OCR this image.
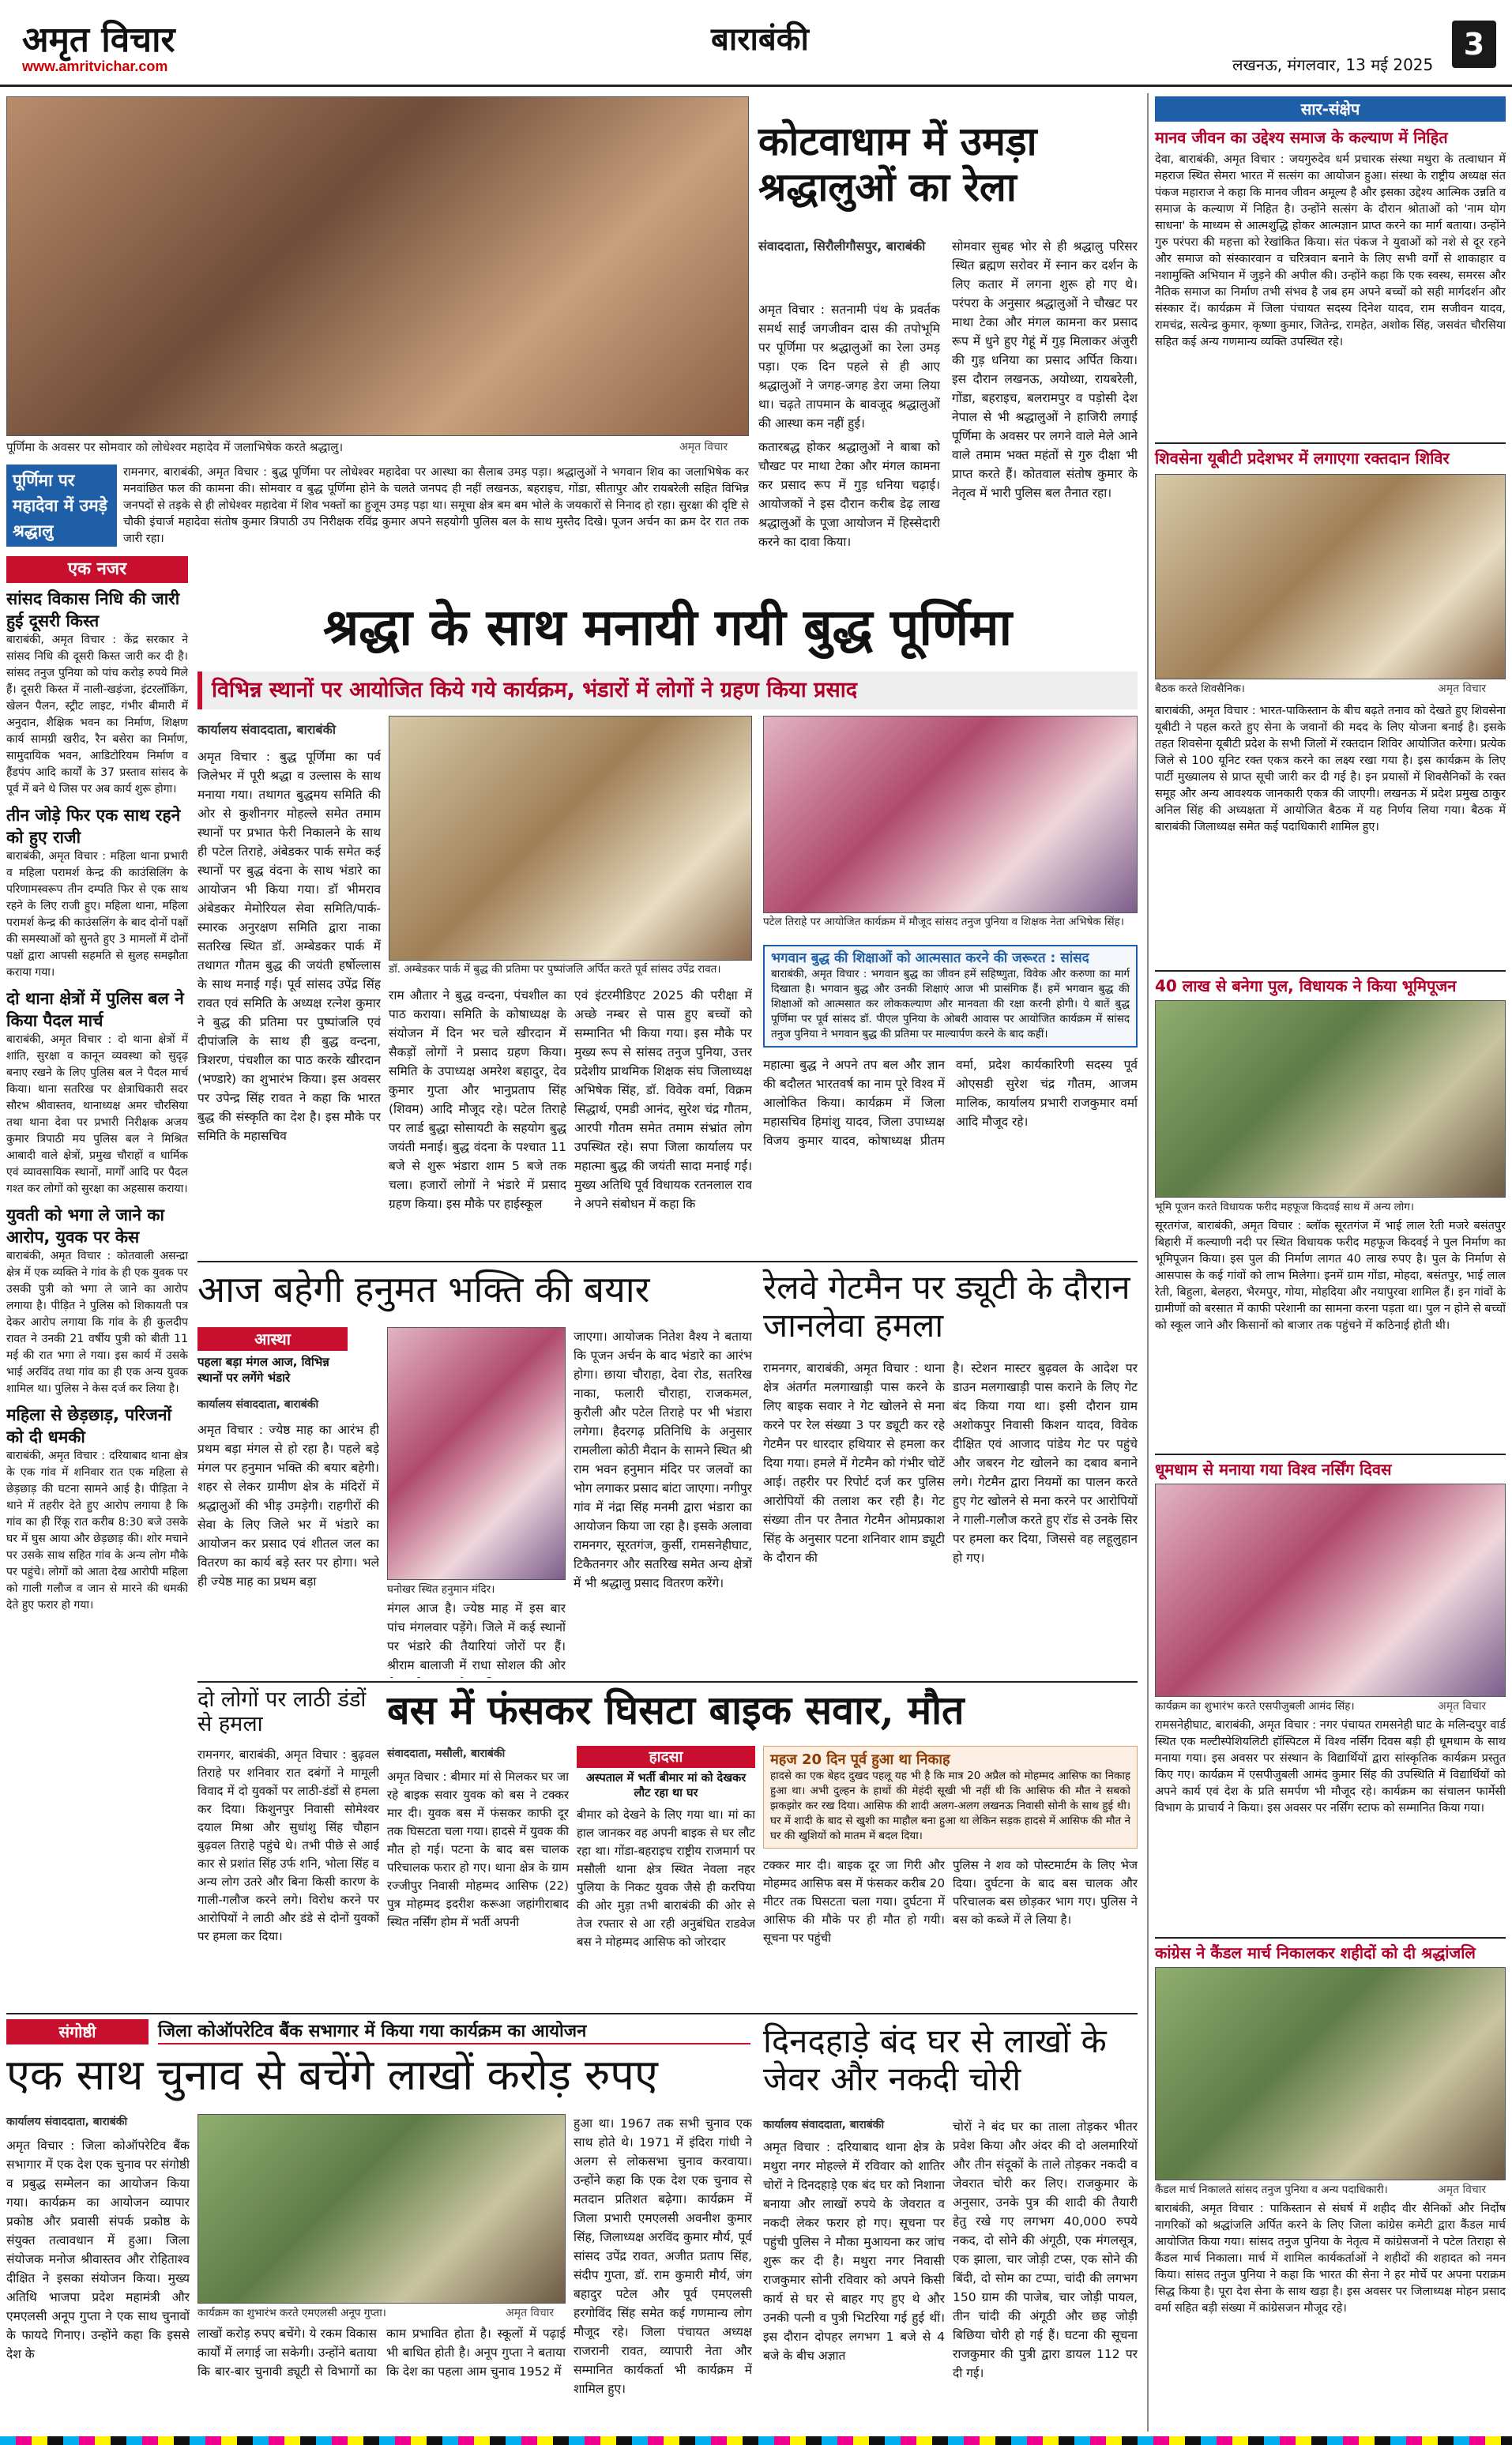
अमृत विचार
www.amritvichar.com
बाराबंकी
लखनऊ, मंगलवार, 13 मई 2025
3
पूर्णिमा के अवसर पर सोमवार को लोधेश्वर महादेव में जलाभिषेक करते श्रद्धालु।	अमृत विचार
पूर्णिमा पर महादेवा में उमड़े श्रद्धालु
रामनगर, बाराबंकी, अमृत विचार : बुद्ध पूर्णिमा पर लोधेश्वर महादेवा पर आस्था का सैलाब उमड़ पड़ा। श्रद्धालुओं ने भगवान शिव का जलाभिषेक कर मनवांछित फल की कामना की। सोमवार व बुद्ध पूर्णिमा होने के चलते जनपद ही नहीं लखनऊ, बहराइच, गोंडा, सीतापुर और रायबरेली सहित विभिन्न जनपदों से तड़के से ही लोधेश्वर महादेवा में शिव भक्तों का हुजूम उमड़ पड़ा था। समूचा क्षेत्र बम बम भोले के जयकारों से निनाद हो रहा। सुरक्षा की दृष्टि से चौकी इंचार्ज महादेवा संतोष कुमार त्रिपाठी उप निरीक्षक रविंद्र कुमार अपने सहयोगी पुलिस बल के साथ मुस्तैद दिखे। पूजन अर्चन का क्रम देर रात तक जारी रहा।
कोटवाधाम में उमड़ा श्रद्धालुओं का रेला
संवाददाता, सिरौलीगौसपुर, बाराबंकी

अमृत विचार : सतनामी पंथ के प्रवर्तक समर्थ साईं जगजीवन दास की तपोभूमि पर पूर्णिमा पर श्रद्धालुओं का रेला उमड़ पड़ा। एक दिन पहले से ही आए श्रद्धालुओं ने जगह-जगह डेरा जमा लिया था। चढ़ते तापमान के बावजूद श्रद्धालुओं की आस्था कम नहीं हुई।

कतारबद्ध होकर श्रद्धालुओं ने बाबा को चौखट पर माथा टेका और मंगल कामना कर प्रसाद रूप में गुड़ धनिया चढ़ाई। आयोजकों ने इस दौरान करीब डेढ़ लाख श्रद्धालुओं के पूजा आयोजन में हिस्सेदारी करने का दावा किया।

सोमवार सुबह भोर से ही श्रद्धालु परिसर स्थित ब्रह्मण सरोवर में स्नान कर दर्शन के लिए कतार में लगना शुरू हो गए थे। परंपरा के अनुसार श्रद्धालुओं ने चौखट पर माथा टेका और मंगल कामना कर प्रसाद रूप में धुने हुए गेहूं में गुड़ मिलाकर अंजुरी की गुड़ धनिया का प्रसाद अर्पित किया। इस दौरान लखनऊ, अयोध्या, रायबरेली, गोंडा, बहराइच, बलरामपुर व पड़ोसी देश नेपाल से भी श्रद्धालुओं ने हाजिरी लगाई पूर्णिमा के अवसर पर लगने वाले मेले आने वाले तमाम भक्त महंतों से गुरु दीक्षा भी प्राप्त करते हैं। कोतवाल संतोष कुमार के नेतृत्व में भारी पुलिस बल तैनात रहा।
एक नजर
सांसद विकास निधि की जारी हुई दूसरी किस्त
बाराबंकी, अमृत विचार : केंद्र सरकार ने सांसद निधि की दूसरी किस्त जारी कर दी है। सांसद तनुज पुनिया को पांच करोड़ रुपये मिले हैं। दूसरी किस्त में नाली-खड़ंजा, इंटरलॉकिंग, खेलन पैलन, स्ट्रीट लाइट, गंभीर बीमारी में अनुदान, शैक्षिक भवन का निर्माण, शिक्षण कार्य सामग्री खरीद, रैन बसेरा का निर्माण, सामुदायिक भवन, आडिटोरियम निर्माण व हैंडपंप आदि कार्यों के 37 प्रस्ताव सांसद के पूर्व में बने थे जिस पर अब कार्य शुरू होगा।
तीन जोड़े फिर एक साथ रहने को हुए राजी
बाराबंकी, अमृत विचार : महिला थाना प्रभारी व महिला परामर्श केन्द्र की काउंसिलिंग के परिणामस्वरूप तीन दम्पति फिर से एक साथ रहने के लिए राजी हुए। महिला थाना, महिला परामर्श केन्द्र की काउंसलिंग के बाद दोनों पक्षों की समस्याओं को सुनते हुए 3 मामलों में दोनों पक्षों द्वारा आपसी सहमति से सुलह समझौता कराया गया।
दो थाना क्षेत्रों में पुलिस बल ने किया पैदल मार्च
बाराबंकी, अमृत विचार : दो थाना क्षेत्रों में शांति, सुरक्षा व कानून व्यवस्था को सुदृढ़ बनाए रखने के लिए पुलिस बल ने पैदल मार्च किया। थाना सतरिख पर क्षेत्राधिकारी सदर सौरभ श्रीवास्तव, थानाध्यक्ष अमर चौरसिया तथा थाना देवा पर प्रभारी निरीक्षक अजय कुमार त्रिपाठी मय पुलिस बल ने मिश्रित आबादी वाले क्षेत्रों, प्रमुख चौराहों व धार्मिक एवं व्यावसायिक स्थानों, मार्गों आदि पर पैदल गश्त कर लोगों को सुरक्षा का अहसास कराया।
युवती को भगा ले जाने का आरोप, युवक पर केस
बाराबंकी, अमृत विचार : कोतवाली असन्द्रा क्षेत्र में एक व्यक्ति ने गांव के ही एक युवक पर उसकी पुत्री को भगा ले जाने का आरोप लगाया है। पीड़ित ने पुलिस को शिकायती पत्र देकर आरोप लगाया कि गांव के ही कुलदीप रावत ने उनकी 21 वर्षीय पुत्री को बीती 11 मई की रात भगा ले गया। इस कार्य में उसके भाई अरविंद तथा गांव का ही एक अन्य युवक शामिल था। पुलिस ने केस दर्ज कर लिया है।
महिला से छेड़छाड़, परिजनों को दी धमकी
बाराबंकी, अमृत विचार : दरियाबाद थाना क्षेत्र के एक गांव में शनिवार रात एक महिला से छेड़छाड़ की घटना सामने आई है। पीड़िता ने थाने में तहरीर देते हुए आरोप लगाया है कि गांव का ही रिंकू रात करीब 8:30 बजे उसके घर में घुस आया और छेड़छाड़ की। शोर मचाने पर उसके साथ सहित गांव के अन्य लोग मौके पर पहुंचे। लोगों को आता देख आरोपी महिला को गाली गलौज व जान से मारने की धमकी देते हुए फरार हो गया।
श्रद्धा के साथ मनायी गयी बुद्ध पूर्णिमा
विभिन्न स्थानों पर आयोजित किये गये कार्यक्रम, भंडारों में लोगों ने ग्रहण किया प्रसाद
कार्यालय संवाददाता, बाराबंकी
अमृत विचार : बुद्ध पूर्णिमा का पर्व जिलेभर में पूरी श्रद्धा व उल्लास के साथ मनाया गया। तथागत बुद्धमय समिति की ओर से कुशीनगर मोहल्ले समेत तमाम स्थानों पर प्रभात फेरी निकालने के साथ ही पटेल तिराहे, अंबेडकर पार्क समेत कई स्थानों पर बुद्ध वंदना के साथ भंडारे का आयोजन भी किया गया। डॉ भीमराव अंबेडकर मेमोरियल सेवा समिति/पार्क-स्मारक अनुरक्षण समिति द्वारा नाका सतरिख स्थित डॉ. अम्बेडकर पार्क में तथागत गौतम बुद्ध की जयंती हर्षोल्लास के साथ मनाई गई। पूर्व सांसद उपेंद्र सिंह रावत एवं समिति के अध्यक्ष रत्नेश कुमार ने बुद्ध की प्रतिमा पर पुष्पांजलि एवं दीपांजलि के साथ ही बुद्ध वन्दना, त्रिशरण, पंचशील का पाठ करके खीरदान (भण्डारे) का शुभारंभ किया। इस अवसर पर उपेन्द्र सिंह रावत ने कहा कि भारत बुद्ध की संस्कृति का देश है। इस मौके पर समिति के महासचिव
डॉ. अम्बेडकर पार्क में बुद्ध की प्रतिमा पर पुष्पांजलि अर्पित करते पूर्व सांसद उपेंद्र रावत।
पटेल तिराहे पर आयोजित कार्यक्रम में मौजूद सांसद तनुज पुनिया व शिक्षक नेता अभिषेक सिंह।
राम औतार ने बुद्ध वन्दना, पंचशील का पाठ कराया। समिति के कोषाध्यक्ष के संयोजन में दिन भर चले खीरदान में सैकड़ों लोगों ने प्रसाद ग्रहण किया। समिति के उपाध्यक्ष अमरेश बहादुर, देव कुमार गुप्ता और भानुप्रताप सिंह (शिवम) आदि मौजूद रहे। पटेल तिराहे पर लार्ड बुद्धा सोसायटी के सहयोग बुद्ध जयंती मनाई। बुद्ध वंदना के पश्चात 11 बजे से शुरू भंडारा शाम 5 बजे तक चला। हजारों लोगों ने भंडारे में प्रसाद ग्रहण किया। इस मौके पर हाईस्कूल
एवं इंटरमीडिएट 2025 की परीक्षा में अच्छे नम्बर से पास हुए बच्चों को सम्मानित भी किया गया। इस मौके पर मुख्य रूप से सांसद तनुज पुनिया, उत्तर प्रदेशीय प्राथमिक शिक्षक संघ जिलाध्यक्ष अभिषेक सिंह, डॉ. विवेक वर्मा, विक्रम सिद्धार्थ, एमडी आनंद, सुरेश चंद्र गौतम, आरपी गौतम समेत तमाम संभ्रांत लोग उपस्थित रहे। सपा जिला कार्यालय पर महात्मा बुद्ध की जयंती सादा मनाई गई। मुख्य अतिथि पूर्व विधायक रतनलाल राव ने अपने संबोधन में कहा कि
भगवान बुद्ध की शिक्षाओं को आत्मसात करने की जरूरत : सांसद
बाराबंकी, अमृत विचार : भगवान बुद्ध का जीवन हमें सहिष्णुता, विवेक और करुणा का मार्ग दिखाता है। भगवान बुद्ध और उनकी शिक्षाएं आज भी प्रासंगिक हैं। हमें भगवान बुद्ध की शिक्षाओं को आत्मसात कर लोककल्याण और मानवता की रक्षा करनी होगी। ये बातें बुद्ध पूर्णिमा पर पूर्व सांसद डॉ. पीएल पुनिया के ओबरी आवास पर आयोजित कार्यक्रम में सांसद तनुज पुनिया ने भगवान बुद्ध की प्रतिमा पर माल्यार्पण करने के बाद कहीं।
महात्मा बुद्ध ने अपने तप बल और ज्ञान की बदौलत भारतवर्ष का नाम पूरे विश्व में आलोकित किया। कार्यक्रम में जिला महासचिव हिमांशु यादव, जिला उपाध्यक्ष विजय कुमार यादव, कोषाध्यक्ष प्रीतम वर्मा, प्रदेश कार्यकारिणी सदस्य पूर्व ओएसडी सुरेश चंद्र गौतम, आजम मालिक, कार्यालय प्रभारी राजकुमार वर्मा आदि मौजूद रहे।
आज बहेगी हनुमत भक्ति की बयार
आस्था
पहला बड़ा मंगल आज, विभिन्न स्थानों पर लगेंगे भंडारे
कार्यालय संवाददाता, बाराबंकी
अमृत विचार : ज्येष्ठ माह का आरंभ ही प्रथम बड़ा मंगल से हो रहा है। पहले बड़े मंगल पर हनुमान भक्ति की बयार बहेगी। शहर से लेकर ग्रामीण क्षेत्र के मंदिरों में श्रद्धालुओं की भीड़ उमड़ेगी। राहगीरों की सेवा के लिए जिले भर में भंडारे का आयोजन कर प्रसाद एवं शीतल जल का वितरण का कार्य बड़े स्तर पर होगा। भले ही ज्येष्ठ माह का प्रथम बड़ा
घनोखर स्थित हनुमान मंदिर।
मंगल आज है। ज्येष्ठ माह में इस बार पांच मंगलवार पड़ेंगे। जिले में कई स्थानों पर भंडारे की तैयारियां जोरों पर हैं। श्रीराम बालाजी में राधा सोशल की ओर
जाएगा। आयोजक नितेश वैश्य ने बताया कि पूजन अर्चन के बाद भंडारे का आरंभ होगा। छाया चौराहा, देवा रोड, सतरिख नाका, फलारी चौराहा, राजकमल, कुरौली और पटेल तिराहे पर भी भंडारा लगेगा। हैदरगढ़ प्रतिनिधि के अनुसार रामलीला कोठी मैदान के सामने स्थित श्री राम भवन हनुमान मंदिर पर जलवों का भोग लगाकर प्रसाद बांटा जाएगा। नगीपुर गांव में नंद्रा सिंह मनमी द्वारा भंडारा का आयोजन किया जा रहा है। इसके अलावा रामनगर, सूरतगंज, कुर्सी, रामसनेहीघाट, टिकैतनगर और सतरिख समेत अन्य क्षेत्रों में भी श्रद्धालु प्रसाद वितरण करेंगे।
रेलवे गेटमैन पर ड्यूटी के दौरान जानलेवा हमला
रामनगर, बाराबंकी, अमृत विचार : थाना क्षेत्र अंतर्गत मलगाखाड़ी पास करने के लिए बाइक सवार ने गेट खोलने से मना करने पर रेल संख्या 3 पर ड्यूटी कर रहे गेटमैन पर धारदार हथियार से हमला कर दिया गया। हमले में गेटमैन को गंभीर चोटें आई। तहरीर पर रिपोर्ट दर्ज कर पुलिस आरोपियों की तलाश कर रही है। गेट संख्या तीन पर तैनात गेटमैन ओमप्रकाश सिंह के अनुसार पटना शनिवार शाम ड्यूटी के दौरान की
है। स्टेशन मास्टर बुढ़वल के आदेश पर डाउन मलगाखाड़ी पास कराने के लिए गेट बंद किया गया था। इसी दौरान ग्राम अशोकपुर निवासी किशन यादव, विवेक दीक्षित एवं आजाद पांडेय गेट पर पहुंचे और जबरन गेट खोलने का दबाव बनाने लगे। गेटमैन द्वारा नियमों का पालन करते हुए गेट खोलने से मना करने पर आरोपियों ने गाली-गलौज करते हुए रॉड से उनके सिर पर हमला कर दिया, जिससे वह लहूलुहान हो गए।
दो लोगों पर लाठी डंडों से हमला
रामनगर, बाराबंकी, अमृत विचार : बुढ़वल तिराहे पर शनिवार रात दबंगों ने मामूली विवाद में दो युवकों पर लाठी-डंडों से हमला कर दिया। किशुनपुर निवासी सोमेश्वर दयाल मिश्रा और सुधांशु सिंह चौहान बुढ़वल तिराहे पहुंचे थे। तभी पीछे से आई कार से प्रशांत सिंह उर्फ शनि, भोला सिंह व अन्य लोग उतरे और बिना किसी कारण के गाली-गलौज करने लगे। विरोध करने पर आरोपियों ने लाठी और डंडे से दोनों युवकों पर हमला कर दिया।
बस में फंसकर घिसटा बाइक सवार, मौत
संवाददाता, मसौली, बाराबंकी
अमृत विचार : बीमार मां से मिलकर घर जा रहे बाइक सवार युवक को बस ने टक्कर मार दी। युवक बस में फंसकर काफी दूर तक घिसटता चला गया। हादसे में युवक की मौत हो गई। पटना के बाद बस चालक परिचालक फरार हो गए। थाना क्षेत्र के ग्राम रज्जीपुर निवासी मोहम्मद आसिफ (22) पुत्र मोहम्मद इदरीश करूआ जहांगीराबाद स्थित नर्सिंग होम में भर्ती अपनी
हादसा
अस्पताल में भर्ती बीमार मां को देखकर लौट रहा था घर
बीमार को देखने के लिए गया था। मां का हाल जानकर वह अपनी बाइक से घर लौट रहा था। गोंडा-बहराइच राष्ट्रीय राजमार्ग पर मसौली थाना क्षेत्र स्थित नेवला नहर पुलिया के निकट युवक जैसे ही करपिया की ओर मुड़ा तभी बाराबंकी की ओर से तेज रफ्तार से आ रही अनुबंधित राडवेज बस ने मोहम्मद आसिफ को जोरदार
महज 20 दिन पूर्व हुआ था निकाह
हादसे का एक बेहद दुखद पहलू यह भी है कि मात्र 20 अप्रैल को मोहम्मद आसिफ का निकाह हुआ था। अभी दुल्हन के हाथों की मेहंदी सूखी भी नहीं थी कि आसिफ की मौत ने सबको झकझोर कर रख दिया। आसिफ की शादी अलग-अलग लखनऊ निवासी सोनी के साथ हुई थी। घर में शादी के बाद से खुशी का माहौल बना हुआ था लेकिन सड़क हादसे में आसिफ की मौत ने घर की खुशियों को मातम में बदल दिया।
टक्कर मार दी। बाइक दूर जा गिरी और मोहम्मद आसिफ बस में फंसकर करीब 20 मीटर तक घिसटता चला गया। दुर्घटना में आसिफ की मौके पर ही मौत हो गयी। सूचना पर पहुंची
पुलिस ने शव को पोस्टमार्टम के लिए भेज दिया। दुर्घटना के बाद बस चालक और परिचालक बस छोड़कर भाग गए। पुलिस ने बस को कब्जे में ले लिया है।
संगोष्ठी	जिला कोऑपरेटिव बैंक सभागार में किया गया कार्यक्रम का आयोजन
एक साथ चुनाव से बचेंगे लाखों करोड़ रुपए
कार्यालय संवाददाता, बाराबंकी
अमृत विचार : जिला कोऑपरेटिव बैंक सभागार में एक देश एक चुनाव पर संगोष्ठी व प्रबुद्ध सम्मेलन का आयोजन किया गया। कार्यक्रम का आयोजन व्यापार प्रकोष्ठ और प्रवासी संपर्क प्रकोष्ठ के संयुक्त तत्वावधान में हुआ। जिला संयोजक मनोज श्रीवास्तव और रोहिताश्व दीक्षित ने इसका संयोजन किया। मुख्य अतिथि भाजपा प्रदेश महामंत्री और एमएलसी अनूप गुप्ता ने एक साथ चुनावों के फायदे गिनाए। उन्होंने कहा कि इससे देश के
कार्यक्रम का शुभारंभ करते एमएलसी अनूप गुप्ता।	अमृत विचार
लाखों करोड़ रुपए बचेंगे। ये रकम विकास कार्यों में लगाई जा सकेगी। उन्होंने बताया कि बार-बार चुनावी ड्यूटी से विभागों का काम प्रभावित होता है। स्कूलों में पढ़ाई भी बाधित होती है। अनूप गुप्ता ने बताया कि देश का पहला आम चुनाव 1952 में
हुआ था। 1967 तक सभी चुनाव एक साथ होते थे। 1971 में इंदिरा गांधी ने अलग से लोकसभा चुनाव करवाया। उन्होंने कहा कि एक देश एक चुनाव से मतदान प्रतिशत बढ़ेगा। कार्यक्रम में जिला प्रभारी एमएलसी अवनीश कुमार सिंह, जिलाध्यक्ष अरविंद कुमार मौर्य, पूर्व सांसद उपेंद्र रावत, अजीत प्रताप सिंह, संदीप गुप्ता, डॉ. राम कुमारी मौर्य, जंग बहादुर पटेल और पूर्व एमएलसी हरगोविंद सिंह समेत कई गणमान्य लोग मौजूद रहे। जिला पंचायत अध्यक्ष राजरानी रावत, व्यापारी नेता और सम्मानित कार्यकर्ता भी कार्यक्रम में शामिल हुए।
दिनदहाड़े बंद घर से लाखों के जेवर और नकदी चोरी
कार्यालय संवाददाता, बाराबंकी
अमृत विचार : दरियाबाद थाना क्षेत्र के मथुरा नगर मोहल्ले में रविवार को शातिर चोरों ने दिनदहाड़े एक बंद घर को निशाना बनाया और लाखों रुपये के जेवरात व नकदी लेकर फरार हो गए। सूचना पर पहुंची पुलिस ने मौका मुआयना कर जांच शुरू कर दी है। मथुरा नगर निवासी राजकुमार सोनी रविवार को अपने किसी कार्य से घर से बाहर गए हुए थे और उनकी पत्नी व पुत्री भिटरिया गई हुई थीं। इस दौरान दोपहर लगभग 1 बजे से 4 बजे के बीच अज्ञात
चोरों ने बंद घर का ताला तोड़कर भीतर प्रवेश किया और अंदर की दो अलमारियों और तीन संदूकों के ताले तोड़कर नकदी व जेवरात चोरी कर लिए। राजकुमार के अनुसार, उनके पुत्र की शादी की तैयारी हेतु रखे गए लगभग 40,000 रुपये नकद, दो सोने की अंगूठी, एक मंगलसूत्र, एक झाला, चार जोड़ी टप्स, एक सोने की बिंदी, दो सोम का टप्पा, चांदी की लगभग 150 ग्राम की पाजेब, चार जोड़ी पायल, तीन चांदी की अंगूठी और छह जोड़ी बिछिया चोरी हो गई हैं। घटना की सूचना राजकुमार की पुत्री द्वारा डायल 112 पर दी गई।
सार-संक्षेप
मानव जीवन का उद्देश्य समाज के कल्याण में निहित
देवा, बाराबंकी, अमृत विचार : जयगुरुदेव धर्म प्रचारक संस्था मथुरा के तत्वाधान में महराज स्थित सेमरा भारत में सत्संग का आयोजन हुआ। संस्था के राष्ट्रीय अध्यक्ष संत पंकज महाराज ने कहा कि मानव जीवन अमूल्य है और इसका उद्देश्य आत्मिक उन्नति व समाज के कल्याण में निहित है। उन्होंने सत्संग के दौरान श्रोताओं को 'नाम योग साधना' के माध्यम से आत्मशुद्धि होकर आत्मज्ञान प्राप्त करने का मार्ग बताया। उन्होंने गुरु परंपरा की महत्ता को रेखांकित किया। संत पंकज ने युवाओं को नशे से दूर रहने और समाज को संस्कारवान व चरित्रवान बनाने के लिए सभी वर्गों से शाकाहार व नशामुक्ति अभियान में जुड़ने की अपील की। उन्होंने कहा कि एक स्वस्थ, समरस और नैतिक समाज का निर्माण तभी संभव है जब हम अपने बच्चों को सही मार्गदर्शन और संस्कार दें। कार्यक्रम में जिला पंचायत सदस्य दिनेश यादव, राम सजीवन यादव, रामचंद्र, सत्येन्द्र कुमार, कृष्णा कुमार, जितेन्द्र, रामहेत, अशोक सिंह, जसवंत चौरसिया सहित कई अन्य गणमान्य व्यक्ति उपस्थित रहे।
शिवसेना यूबीटी प्रदेशभर में लगाएगा रक्तदान शिविर
बैठक करते शिवसैनिक।	अमृत विचार
बाराबंकी, अमृत विचार : भारत-पाकिस्तान के बीच बढ़ते तनाव को देखते हुए शिवसेना यूबीटी ने पहल करते हुए सेना के जवानों की मदद के लिए योजना बनाई है। इसके तहत शिवसेना यूबीटी प्रदेश के सभी जिलों में रक्तदान शिविर आयोजित करेगा। प्रत्येक जिले से 100 यूनिट रक्त एकत्र करने का लक्ष्य रखा गया है। इस कार्यक्रम के लिए पार्टी मुख्यालय से प्राप्त सूची जारी कर दी गई है। इन प्रयासों में शिवसैनिकों के रक्त समूह और अन्य आवश्यक जानकारी एकत्र की जाएगी। लखनऊ में प्रदेश प्रमुख ठाकुर अनिल सिंह की अध्यक्षता में आयोजित बैठक में यह निर्णय लिया गया। बैठक में बाराबंकी जिलाध्यक्ष समेत कई पदाधिकारी शामिल हुए।
40 लाख से बनेगा पुल, विधायक ने किया भूमिपूजन
भूमि पूजन करते विधायक फरीद महफूज किदवई साथ में अन्य लोग।
सूरतगंज, बाराबंकी, अमृत विचार : ब्लॉक सूरतगंज में भाई लाल रेती मजरे बसंतपुर बिहारी में कल्याणी नदी पर स्थित विधायक फरीद महफूज किदवई ने पुल निर्माण का भूमिपूजन किया। इस पुल की निर्माण लागत 40 लाख रुपए है। पुल के निर्माण से आसपास के कई गांवों को लाभ मिलेगा। इनमें ग्राम गोंडा, मोहदा, बसंतपुर, भाई लाल रेती, बिहुला, बेलहरा, भैरमपुर, गोया, मोहदिया और नयापुरवा शामिल हैं। इन गांवों के ग्रामीणों को बरसात में काफी परेशानी का सामना करना पड़ता था। पुल न होने से बच्चों को स्कूल जाने और किसानों को बाजार तक पहुंचने में कठिनाई होती थी।
धूमधाम से मनाया गया विश्व नर्सिंग दिवस
कार्यक्रम का शुभारंभ करते एसपीजुबली आमंद सिंह।	अमृत विचार
रामसनेहीघाट, बाराबंकी, अमृत विचार : नगर पंचायत रामसनेही घाट के मलिन्दपुर वार्ड स्थित एक मल्टीस्पेशियलिटी हॉस्पिटल में विश्व नर्सिंग दिवस बड़ी ही धूमधाम के साथ मनाया गया। इस अवसर पर संस्थान के विद्यार्थियों द्वारा सांस्कृतिक कार्यक्रम प्रस्तुत किए गए। कार्यक्रम में एसपीजुबली आमंद कुमार सिंह की उपस्थिति में विद्यार्थियों को अपने कार्य एवं देश के प्रति समर्पण भी मौजूद रहे। कार्यक्रम का संचालन फार्मेसी विभाग के प्राचार्य ने किया। इस अवसर पर नर्सिंग स्टाफ को सम्मानित किया गया।
कांग्रेस ने कैंडल मार्च निकालकर शहीदों को दी श्रद्धांजलि
कैंडल मार्च निकालते सांसद तनुज पुनिया व अन्य पदाधिकारी।	अमृत विचार
बाराबंकी, अमृत विचार : पाकिस्तान से संघर्ष में शहीद वीर सैनिकों और निर्दोष नागरिकों को श्रद्धांजलि अर्पित करने के लिए जिला कांग्रेस कमेटी द्वारा कैंडल मार्च आयोजित किया गया। सांसद तनुज पुनिया के नेतृत्व में कांग्रेसजनों ने पटेल तिराहा से कैंडल मार्च निकाला। मार्च में शामिल कार्यकर्ताओं ने शहीदों की शहादत को नमन किया। सांसद तनुज पुनिया ने कहा कि भारत की सेना ने हर मोर्चे पर अपना पराक्रम सिद्ध किया है। पूरा देश सेना के साथ खड़ा है। इस अवसर पर जिलाध्यक्ष मोहन प्रसाद वर्मा सहित बड़ी संख्या में कांग्रेसजन मौजूद रहे।
